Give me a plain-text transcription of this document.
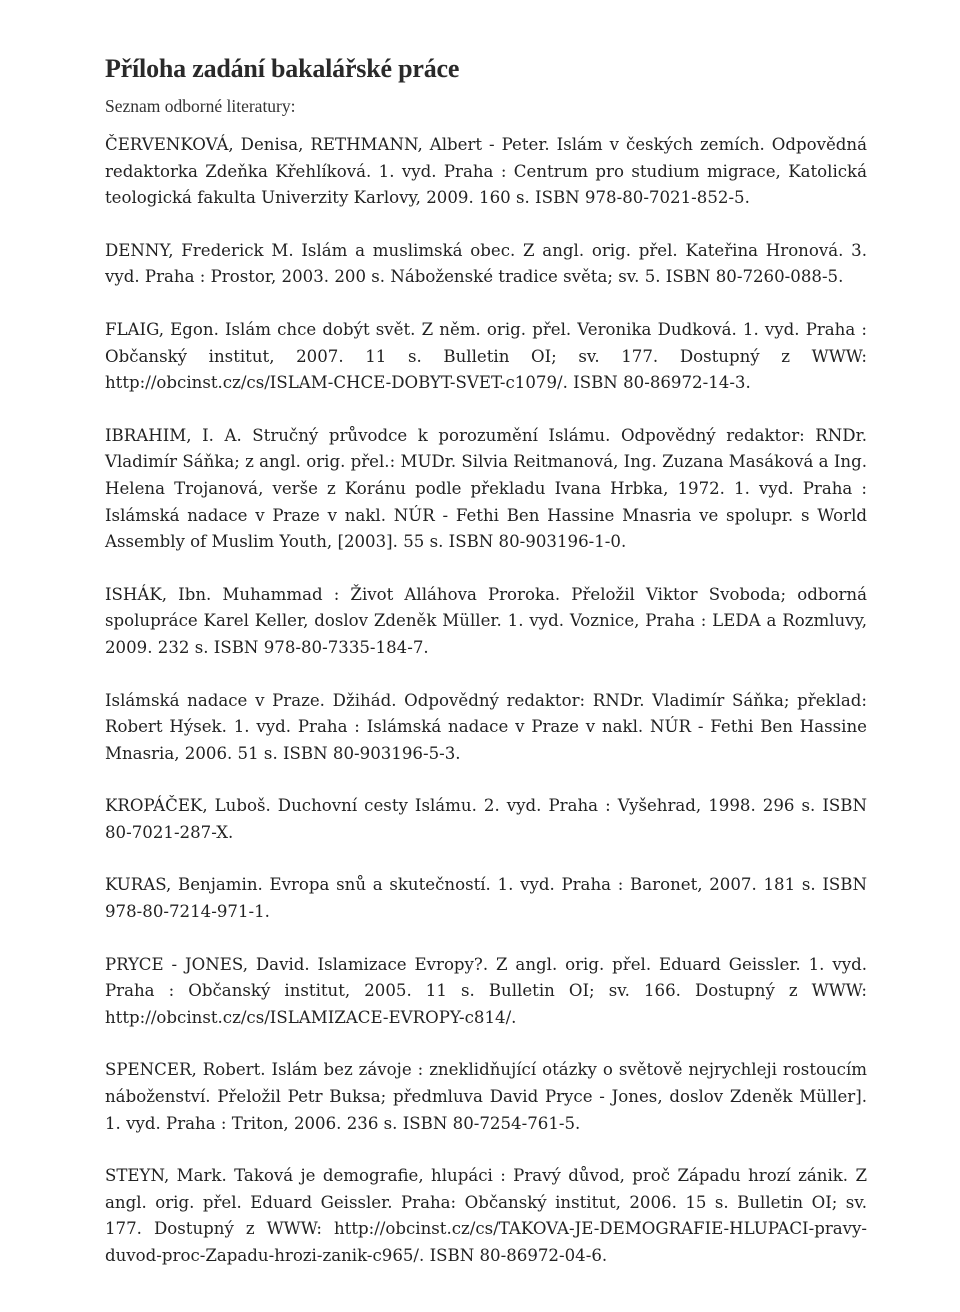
Příloha zadání bakalářské práce

Seznam odborné literatury:

ČERVENKOVÁ, Denisa, RETHMANN, Albert - Peter. Islám v českých zemích. Odpovědná redaktorka Zdeňka Křehlíková. 1. vyd. Praha : Centrum pro studium migrace, Katolická teologická fakulta Univerzity Karlovy, 2009. 160 s. ISBN 978-80-7021-852-5.
DENNY, Frederick M. Islám a muslimská obec. Z angl. orig. přel. Kateřina Hronová. 3. vyd. Praha : Prostor, 2003. 200 s. Náboženské tradice světa; sv. 5. ISBN 80-7260-088-5.
FLAIG, Egon. Islám chce dobýt svět. Z něm. orig. přel. Veronika Dudková. 1. vyd. Praha : Občanský institut, 2007. 11 s. Bulletin OI; sv. 177. Dostupný z WWW: http://obcinst.cz/cs/ISLAM-CHCE-DOBYT-SVET-c1079/. ISBN 80-86972-14-3.
IBRAHIM, I. A. Stručný průvodce k porozumění Islámu. Odpovědný redaktor: RNDr. Vladimír Sáňka; z angl. orig. přel.: MUDr. Silvia Reitmanová, Ing. Zuzana Masáková a Ing. Helena Trojanová, verše z Koránu podle překladu Ivana Hrbka, 1972. 1. vyd. Praha : Islámská nadace v Praze v nakl. NÚR - Fethi Ben Hassine Mnasria ve spolupr. s World Assembly of Muslim Youth, [2003]. 55 s. ISBN 80-903196-1-0.
ISHÁK, Ibn. Muhammad : Život Alláhova Proroka. Přeložil Viktor Svoboda; odborná spolupráce Karel Keller, doslov Zdeněk Müller. 1. vyd. Voznice, Praha : LEDA a Rozmluvy, 2009. 232 s. ISBN 978-80-7335-184-7.
Islámská nadace v Praze. Džihád. Odpovědný redaktor: RNDr. Vladimír Sáňka; překlad: Robert Hýsek. 1. vyd. Praha : Islámská nadace v Praze v nakl. NÚR - Fethi Ben Hassine Mnasria, 2006. 51 s. ISBN 80-903196-5-3.
KROPÁČEK, Luboš. Duchovní cesty Islámu. 2. vyd. Praha : Vyšehrad, 1998. 296 s. ISBN 80-7021-287-X.
KURAS, Benjamin. Evropa snů a skutečností. 1. vyd. Praha : Baronet, 2007. 181 s. ISBN 978-80-7214-971-1.
PRYCE - JONES, David. Islamizace Evropy?. Z angl. orig. přel. Eduard Geissler. 1. vyd. Praha : Občanský institut, 2005. 11 s. Bulletin OI; sv. 166. Dostupný z WWW: http://obcinst.cz/cs/ISLAMIZACE-EVROPY-c814/.
SPENCER, Robert. Islám bez závoje : zneklidňující otázky o světově nejrychleji rostoucím náboženství. Přeložil Petr Buksa; předmluva David Pryce - Jones, doslov Zdeněk Müller]. 1. vyd. Praha : Triton, 2006. 236 s. ISBN 80-7254-761-5.
STEYN, Mark. Taková je demografie, hlupáci : Pravý důvod, proč Západu hrozí zánik. Z angl. orig. přel. Eduard Geissler. Praha: Občanský institut, 2006. 15 s. Bulletin OI; sv. 177. Dostupný z WWW: http://obcinst.cz/cs/TAKOVA-JE-DEMOGRAFIE-HLUPACI-pravy-duvod-proc-Zapadu-hrozi-zanik-c965/. ISBN 80-86972-04-6.
